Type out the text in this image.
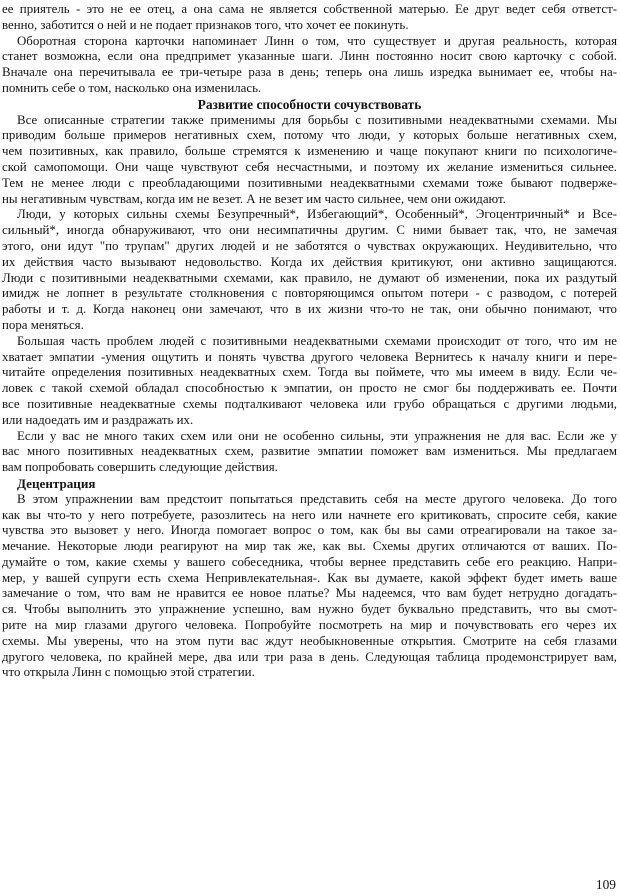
ее приятель - это не ее отец, а она сама не является собственной матерью. Ее друг ведет себя ответст-
венно, заботится о ней и не подает признаков того, что хочет ее покинуть.

Оборотная сторона карточки напоминает Линн о том, что существует и другая реальность, которая
станет возможна, если она предпримет указанные шаги. Линн постоянно носит свою карточку с собой.
Вначале она перечитывала ее три-четыре раза в день; теперь она лишь изредка вынимает ее, чтобы на-
помнить себе о том, насколько она изменилась.

Развитие способности сочувствовать

Все описанные стратегии также применимы для борьбы с позитивными неадекватными схемами. Мы
приводим больше примеров негативных схем, потому что люди, у которых больше негативных схем,
чем позитивных, как правило, больше стремятся к изменению и чаще покупают книги по психологиче-
ской самопомощи. Они чаще чувствуют себя несчастными, и поэтому их желание измениться сильнее.
Тем не менее люди с преобладающими позитивными неадекватными схемами тоже бывают подверже-
ны негативным чувствам, когда им не везет. А не везет им часто сильнее, чем они ожидают.

Люди, у которых сильны схемы Безупречный*, Избегающий*, Особенный*, Эгоцентричный* и Все-
сильный*, иногда обнаруживают, что они несимпатичны другим. С ними бывает так, что, не замечая
этого, они идут "по трупам" других людей и не заботятся о чувствах окружающих. Неудивительно, что
их действия часто вызывают недовольство. Когда их действия критикуют, они активно защищаются.
Люди с позитивными неадекватными схемами, как правило, не думают об изменении, пока их раздутый
имидж не лопнет в результате столкновения с повторяющимся опытом потери - с разводом, с потерей
работы и т. д. Когда наконец они замечают, что в их жизни что-то не так, они обычно понимают, что
пора меняться.

Большая часть проблем людей с позитивными неадекватными схемами происходит от того, что им не
хватает эмпатии -умения ощутить и понять чувства другого человека Вернитесь к началу книги и пере-
читайте определения позитивных неадекватных схем. Тогда вы поймете, что мы имеем в виду. Если че-
ловек с такой схемой обладал способностью к эмпатии, он просто не смог бы поддерживать ее. Почти
все позитивные неадекватные схемы подталкивают человека или грубо обращаться с другими людьми,
или надоедать им и раздражать их.

Если у вас не много таких схем или они не особенно сильны, эти упражнения не для вас. Если же у
вас много позитивных неадекватных схем, развитие эмпатии поможет вам измениться. Мы предлагаем
вам попробовать совершить следующие действия.

Децентрация

В этом упражнении вам предстоит попытаться представить себя на месте другого человека. До того
как вы что-то у него потребуете, разозлитесь на него или начнете его критиковать, спросите себя, какие
чувства это вызовет у него. Иногда помогает вопрос о том, как бы вы сами отреагировали на такое за-
мечание. Некоторые люди реагируют на мир так же, как вы. Схемы других отличаются от ваших. По-
думайте о том, какие схемы у вашего собеседника, чтобы вернее представить себе его реакцию. Напри-
мер, у вашей супруги есть схема Непривлекательная-. Как вы думаете, какой эффект будет иметь ваше
замечание о том, что вам не нравится ее новое платье? Мы надеемся, что вам будет нетрудно догадать-
ся. Чтобы выполнить это упражнение успешно, вам нужно будет буквально представить, что вы смот-
рите на мир глазами другого человека. Попробуйте посмотреть на мир и почувствовать его через их
схемы. Мы уверены, что на этом пути вас ждут необыкновенные открытия. Смотрите на себя глазами
другого человека, по крайней мере, два или три раза в день. Следующая таблица продемонстрирует вам,
что открыла Линн с помощью этой стратегии.

109
